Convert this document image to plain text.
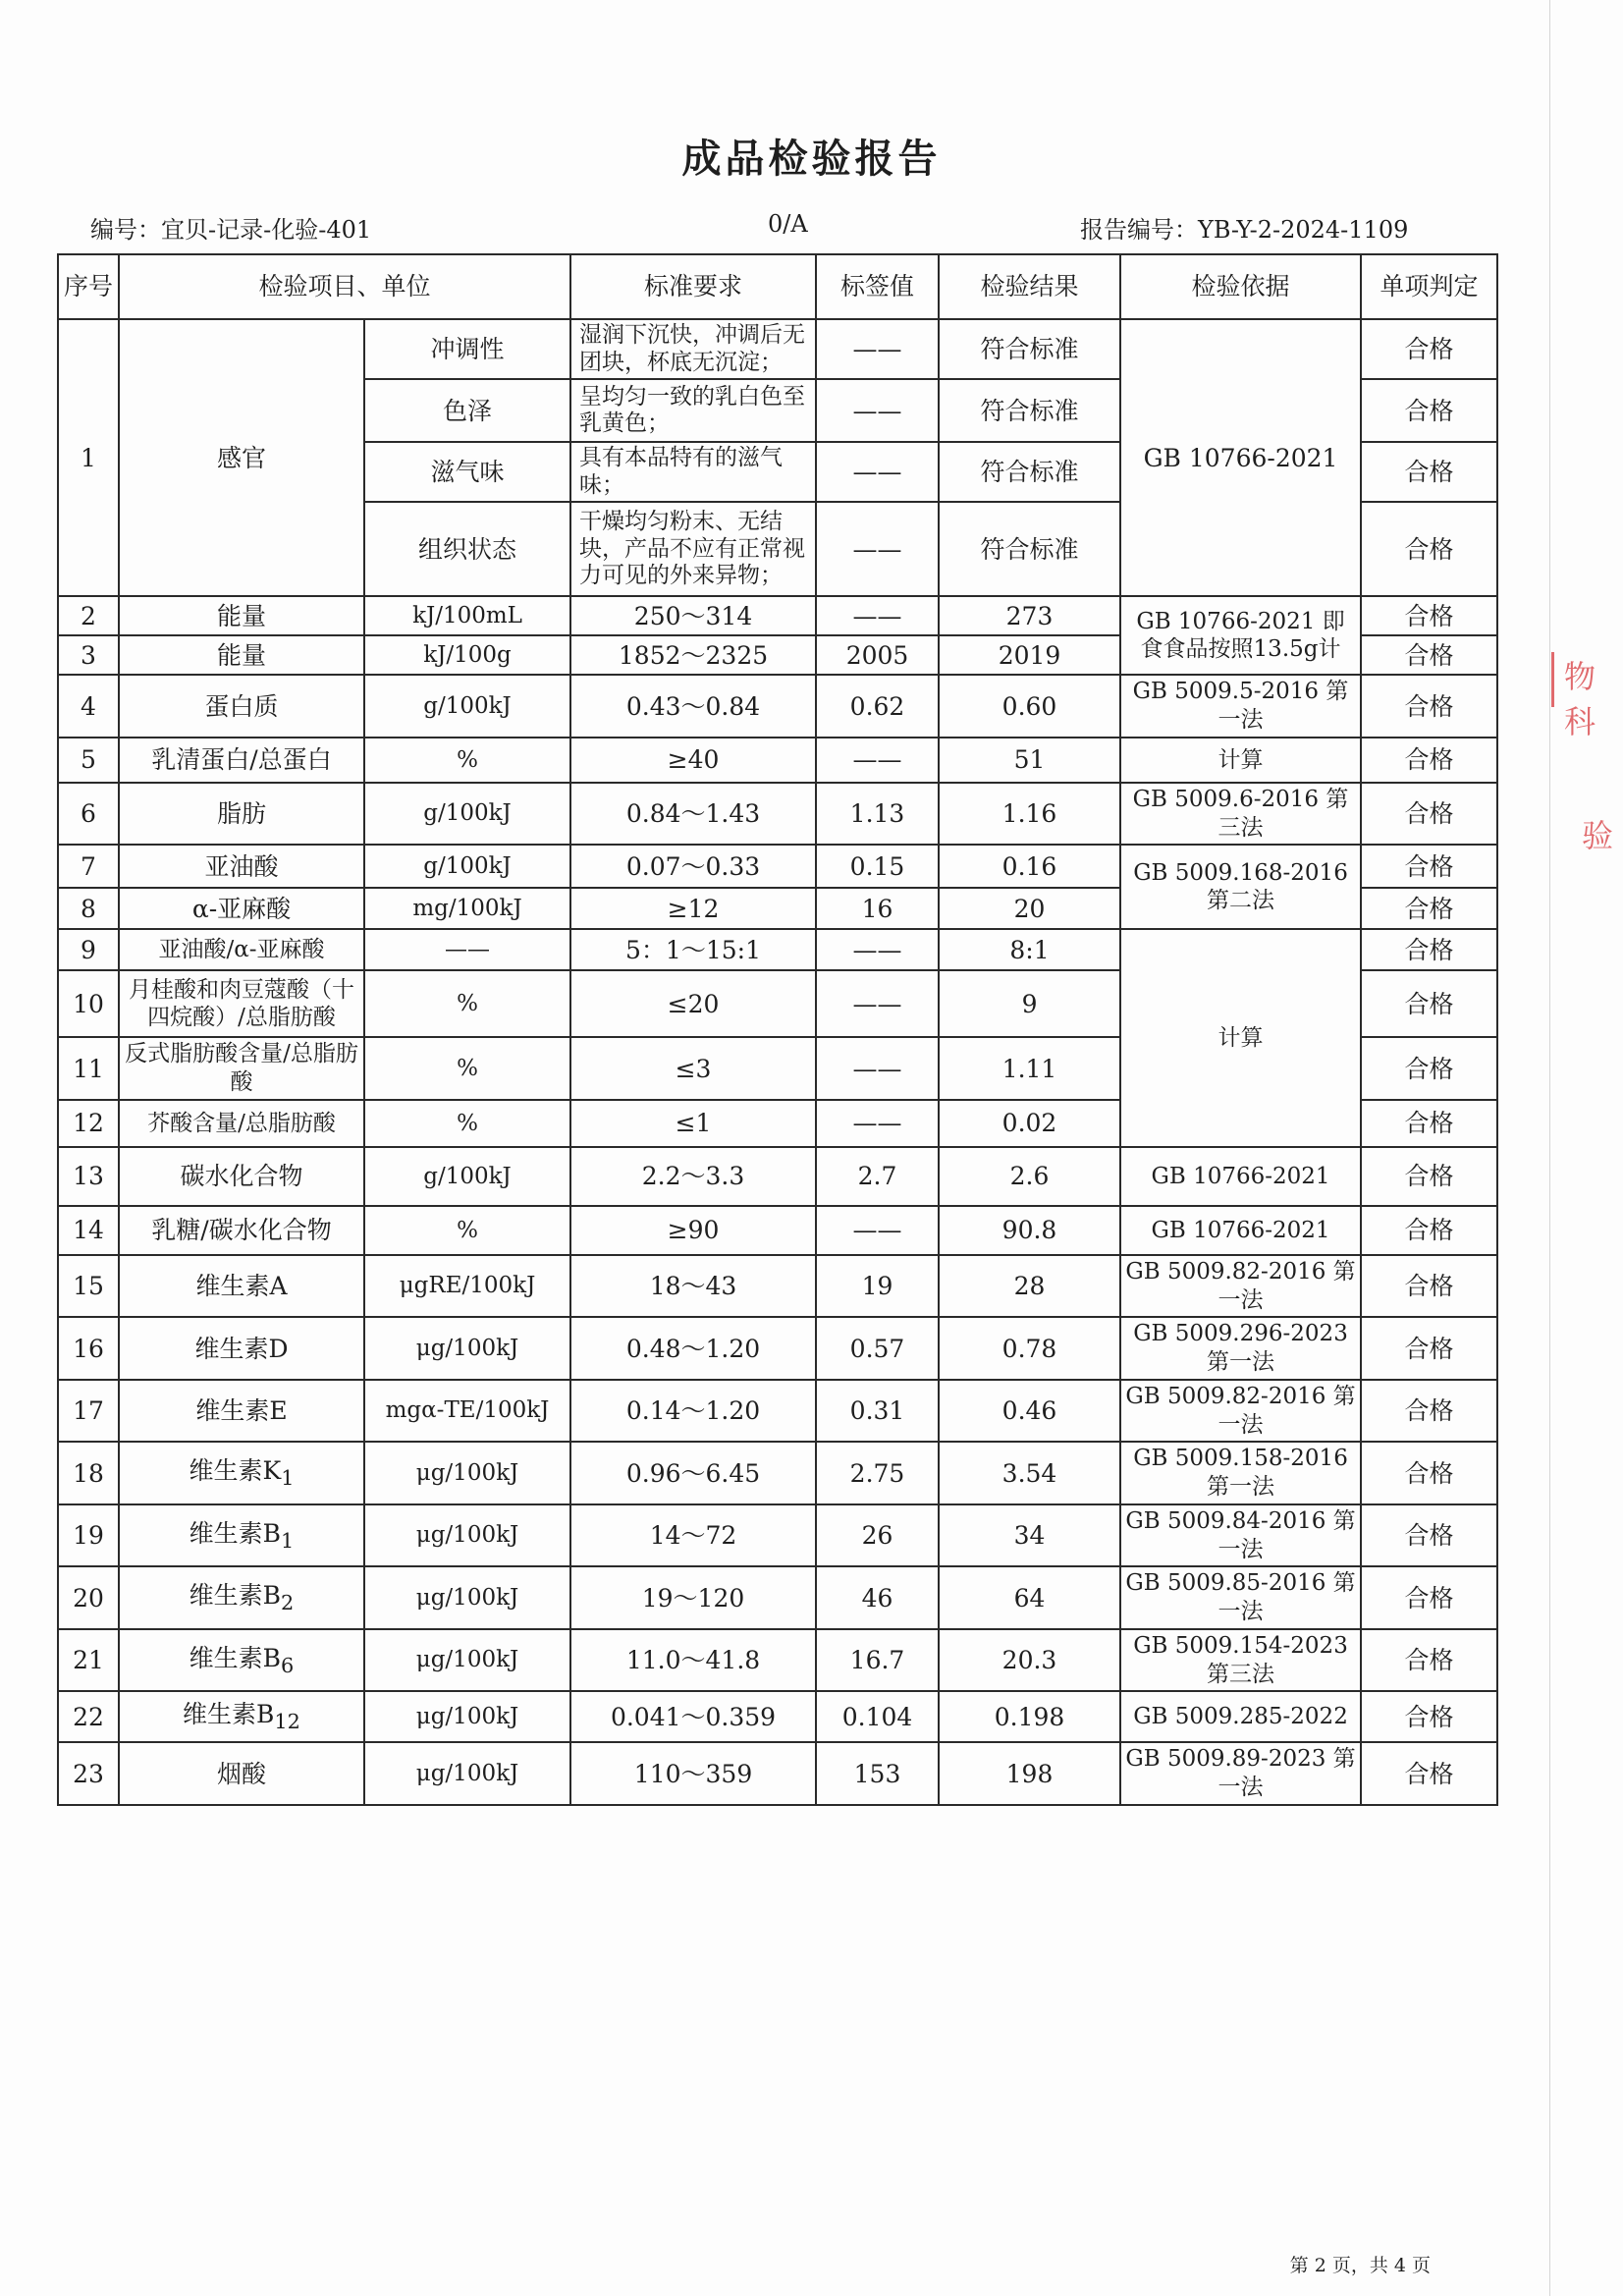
成品检验报告
编号：宜贝-记录-化验-401	0/A	报告编号：YB-Y-2-2024-1109
序号	检验项目、单位		标准要求	标签值	检验结果	检验依据	单项判定
1	感官	冲调性	湿润下沉快，冲调后无团块，杯底无沉淀；	——	符合标准	GB 10766-2021	合格
		色泽	呈均匀一致的乳白色至乳黄色；	——	符合标准		合格
		滋气味	具有本品特有的滋气味；	——	符合标准		合格
		组织状态	干燥均匀粉末、无结块，产品不应有正常视力可见的外来异物；	——	符合标准		合格
2	能量	kJ/100mL	250～314	——	273	GB 10766-2021 即食食品按照13.5g计	合格
3	能量	kJ/100g	1852～2325	2005	2019		合格
4	蛋白质	g/100kJ	0.43～0.84	0.62	0.60	GB 5009.5-2016 第一法	合格
5	乳清蛋白/总蛋白	%	≥40	——	51	计算	合格
6	脂肪	g/100kJ	0.84～1.43	1.13	1.16	GB 5009.6-2016 第三法	合格
7	亚油酸	g/100kJ	0.07～0.33	0.15	0.16	GB 5009.168-2016 第二法	合格
8	α-亚麻酸	mg/100kJ	≥12	16	20		合格
9	亚油酸/α-亚麻酸	——	5：1～15:1	——	8:1	计算	合格
10	月桂酸和肉豆蔻酸（十四烷酸）/总脂肪酸	%	≤20	——	9		合格
11	反式脂肪酸含量/总脂肪酸	%	≤3	——	1.11		合格
12	芥酸含量/总脂肪酸	%	≤1	——	0.02		合格
13	碳水化合物	g/100kJ	2.2～3.3	2.7	2.6	GB 10766-2021	合格
14	乳糖/碳水化合物	%	≥90	——	90.8	GB 10766-2021	合格
15	维生素A	μgRE/100kJ	18～43	19	28	GB 5009.82-2016 第一法	合格
16	维生素D	μg/100kJ	0.48～1.20	0.57	0.78	GB 5009.296-2023 第一法	合格
17	维生素E	mgα-TE/100kJ	0.14～1.20	0.31	0.46	GB 5009.82-2016 第一法	合格
18	维生素$K_1$	μg/100kJ	0.96～6.45	2.75	3.54	GB 5009.158-2016 第一法	合格
19	维生素$B_1$	μg/100kJ	14～72	26	34	GB 5009.84-2016 第一法	合格
20	维生素$B_2$	μg/100kJ	19～120	46	64	GB 5009.85-2016 第一法	合格
21	维生素$B_6$	μg/100kJ	11.0～41.8	16.7	20.3	GB 5009.154-2023 第三法	合格
22	维生素$B_{12}$	μg/100kJ	0.041～0.359	0.104	0.198	GB 5009.285-2022	合格
23	烟酸	μg/100kJ	110～359	153	198	GB 5009.89-2023 第一法	合格
物科
验
第 2 页，共 4 页
